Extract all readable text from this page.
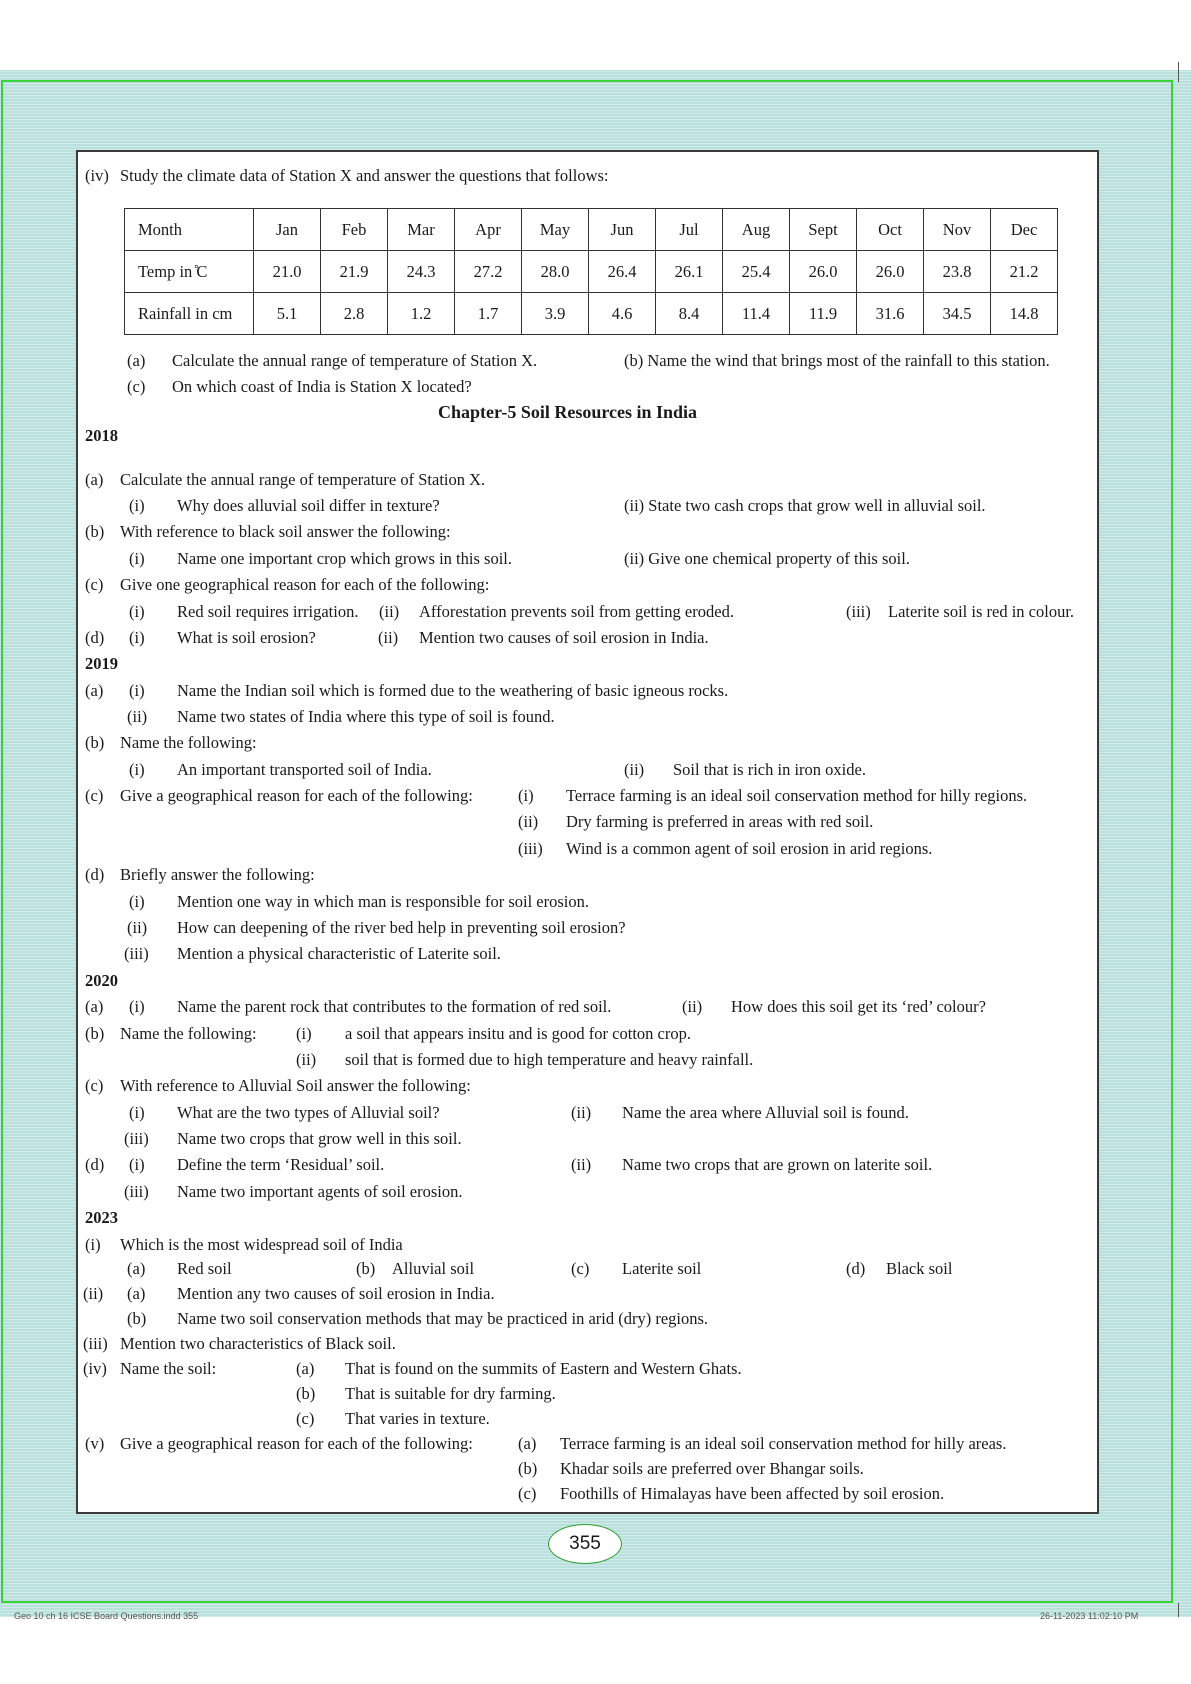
(iv) Study the climate data of Station X and answer the questions that follows:
Month	Jan	Feb	Mar	Apr	May	Jun	Jul	Aug	Sept	Oct	Nov	Dec
Temp in ̊C	21.0	21.9	24.3	27.2	28.0	26.4	26.1	25.4	26.0	26.0	23.8	21.2
Rainfall in cm	5.1	2.8	1.2	1.7	3.9	4.6	8.4	11.4	11.9	31.6	34.5	14.8
(a) Calculate the annual range of temperature of Station X.	(b) Name the wind that brings most of the rainfall to this station.
(c) On which coast of India is Station X located?
Chapter-5 Soil Resources in India
2018
(a) Calculate the annual range of temperature of Station X.
(i) Why does alluvial soil differ in texture?	(ii) State two cash crops that grow well in alluvial soil.
(b) With reference to black soil answer the following:
(i) Name one important crop which grows in this soil.	(ii) Give one chemical property of this soil.
(c) Give one geographical reason for each of the following:
(i) Red soil requires irrigation. (ii) Afforestation prevents soil from getting eroded.	(iii) Laterite soil is red in colour.
(d) (i) What is soil erosion?	(ii) Mention two causes of soil erosion in India.
2019
(a) (i) Name the Indian soil which is formed due to the weathering of basic igneous rocks.
(ii) Name two states of India where this type of soil is found.
(b) Name the following:
(i) An important transported soil of India.	(ii) Soil that is rich in iron oxide.
(c) Give a geographical reason for each of the following:	(i) Terrace farming is an ideal soil conservation method for hilly regions.
(ii) Dry farming is preferred in areas with red soil.
(iii) Wind is a common agent of soil erosion in arid regions.
(d) Briefly answer the following:
(i) Mention one way in which man is responsible for soil erosion.
(ii) How can deepening of the river bed help in preventing soil erosion?
(iii) Mention a physical characteristic of Laterite soil.
2020
(a) (i) Name the parent rock that contributes to the formation of red soil.	(ii) How does this soil get its ‘red’ colour?
(b) Name the following: (i) a soil that appears insitu and is good for cotton crop.
(ii) soil that is formed due to high temperature and heavy rainfall.
(c) With reference to Alluvial Soil answer the following:
(i) What are the two types of Alluvial soil?	(ii) Name the area where Alluvial soil is found.
(iii) Name two crops that grow well in this soil.
(d) (i) Define the term ‘Residual’ soil.	(ii) Name two crops that are grown on laterite soil.
(iii) Name two important agents of soil erosion.
2023
(i) Which is the most widespread soil of India
(a) Red soil	(b) Alluvial soil	(c) Laterite soil	(d) Black soil
(ii) (a) Mention any two causes of soil erosion in India.
(b) Name two soil conservation methods that may be practiced in arid (dry) regions.
(iii) Mention two characteristics of Black soil.
(iv) Name the soil:	(a) That is found on the summits of Eastern and Western Ghats.
(b) That is suitable for dry farming.
(c) That varies in texture.
(v) Give a geographical reason for each of the following:	(a) Terrace farming is an ideal soil conservation method for hilly areas.
(b) Khadar soils are preferred over Bhangar soils.
(c) Foothills of Himalayas have been affected by soil erosion.
355
Geo 10 ch 16 ICSE Board Questions.indd 355	26-11-2023 11:02:10 PM
